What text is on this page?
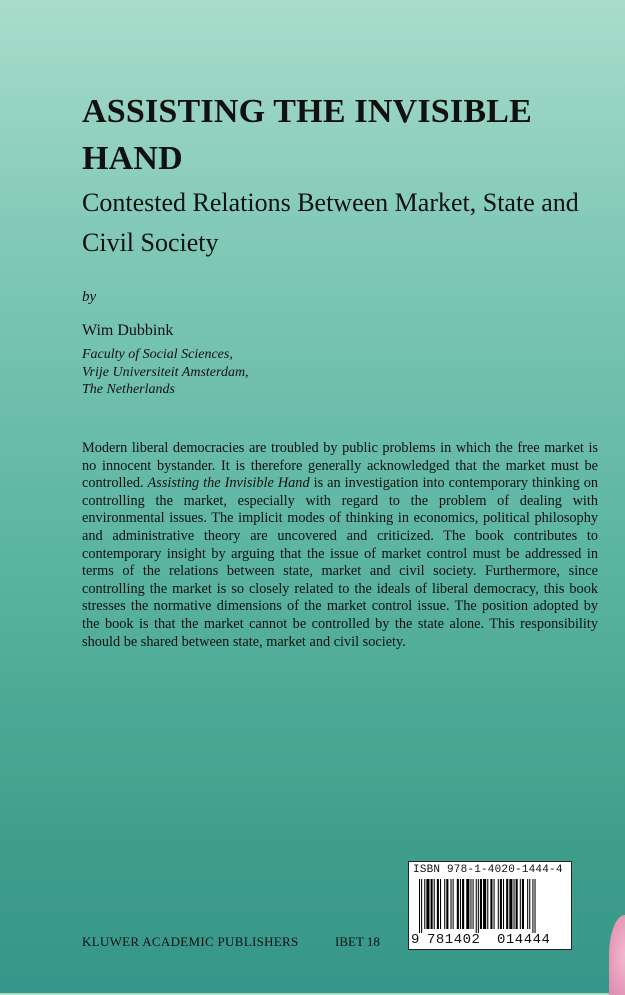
ASSISTING THE INVISIBLE HAND
Contested Relations Between Market, State and Civil Society
by
Wim Dubbink
Faculty of Social Sciences,
Vrije Universiteit Amsterdam,
The Netherlands

Modern liberal democracies are troubled by public problems in which the free market is no innocent bystander. It is therefore generally acknowledged that the market must be controlled. Assisting the Invisible Hand is an investigation into contemporary thinking on controlling the market, especially with regard to the problem of dealing with environmental issues. The implicit modes of thinking in economics, political philosophy and administrative theory are uncovered and criticized. The book contributes to contemporary insight by arguing that the issue of market control must be addressed in terms of the relations between state, market and civil society. Furthermore, since controlling the market is so closely related to the ideals of liberal democracy, this book stresses the normative dimensions of the market control issue. The position adopted by the book is that the market cannot be controlled by the state alone. This responsibility should be shared between state, market and civil society.

KLUWER ACADEMIC PUBLISHERS	IBET 18
ISBN 978-1-4020-1444-4
9 781402 014444
